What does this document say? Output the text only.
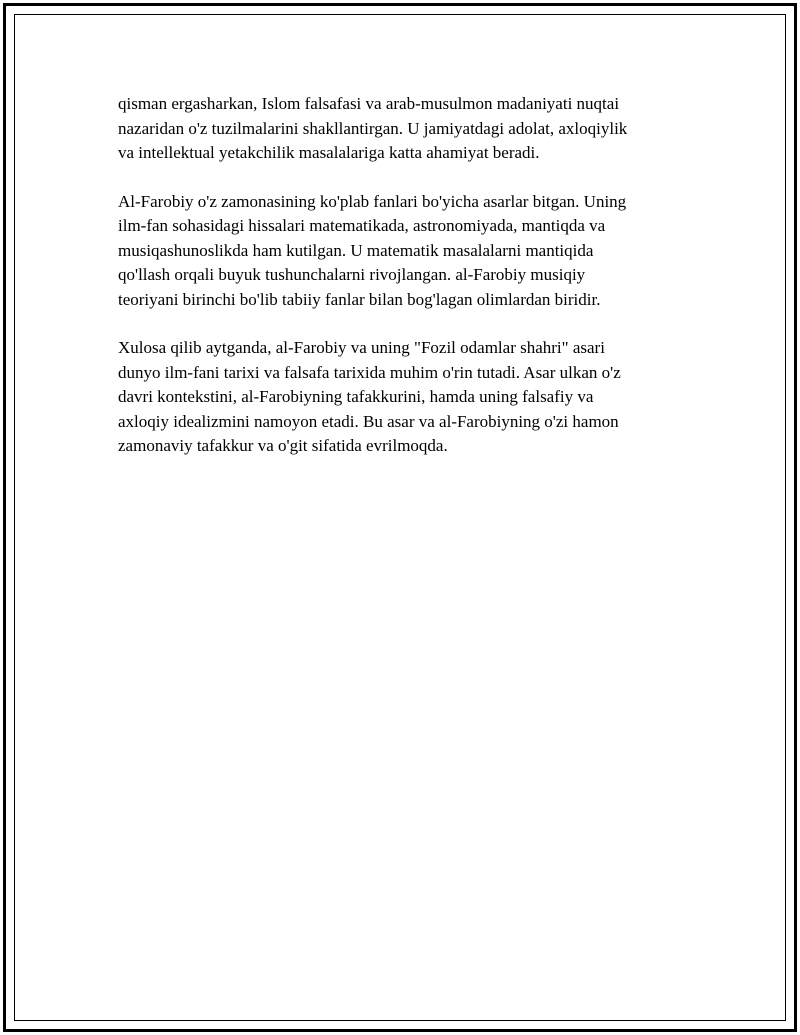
qisman ergasharkan, Islom falsafasi va arab-musulmon madaniyati nuqtai
nazaridan o'z tuzilmalarini shakllantirgan. U jamiyatdagi adolat, axloqiylik
va intellektual yetakchilik masalalariga katta ahamiyat beradi.

Al-Farobiy o'z zamonasining ko'plab fanlari bo'yicha asarlar bitgan. Uning
ilm-fan sohasidagi hissalari matematikada, astronomiyada, mantiqda va
musiqashunoslikda ham kutilgan. U matematik masalalarni mantiqida
qo'llash orqali buyuk tushunchalarni rivojlangan. al-Farobiy musiqiy
teoriyani birinchi bo'lib tabiiy fanlar bilan bog'lagan olimlardan biridir.

Xulosa qilib aytganda, al-Farobiy va uning "Fozil odamlar shahri" asari
dunyo ilm-fani tarixi va falsafa tarixida muhim o'rin tutadi. Asar ulkan o'z
davri kontekstini, al-Farobiyning tafakkurini, hamda uning falsafiy va
axloqiy idealizmini namoyon etadi. Bu asar va al-Farobiyning o'zi hamon
zamonaviy tafakkur va o'git sifatida evrilmoqda.
